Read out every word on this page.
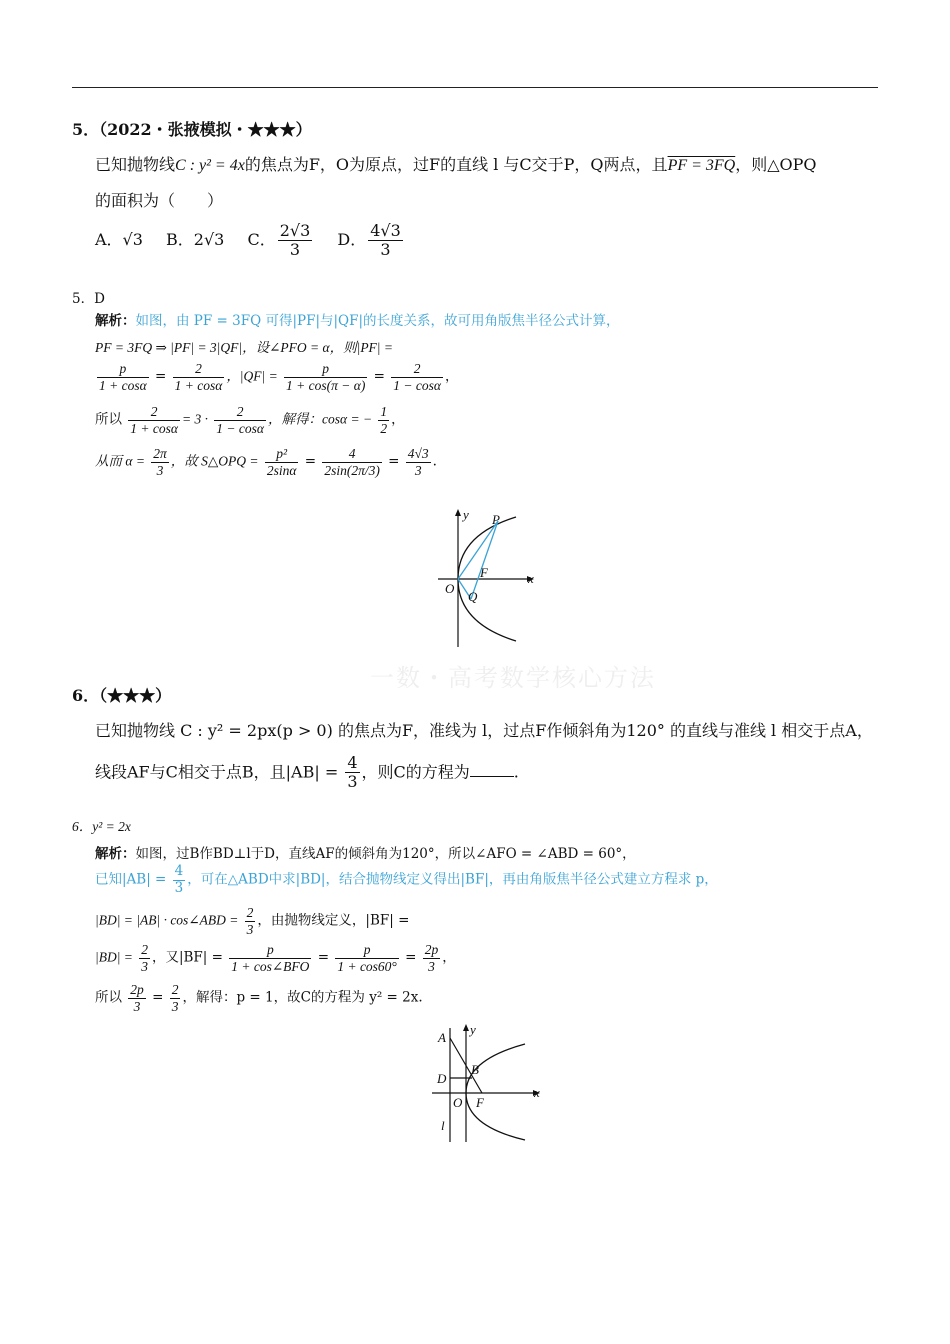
5．（2022・张掖模拟・★★★）
已知抛物线C : y² = 4x的焦点为F，O为原点，过F的直线 l 与C交于P，Q两点，且PF = 3FQ，则△OPQ
的面积为（　　）
A．√3 B．2√3 C． $\frac{2√3}{3}$ D． $\frac{4√3}{3}$
5．D
解析：如图，由 PF = 3FQ 可得|PF|与|QF|的长度关系，故可用角版焦半径公式计算，
PF = 3FQ ⇒ |PF| = 3|QF|，设∠PFO = α，则|PF| =
$\frac{p}{1 + \cos\alpha} = \frac{2}{1 + \cos\alpha}$ ，$|QF| = \frac{p}{1 + \cos(\pi - \alpha)} = \frac{2}{1 - \cos\alpha}$ ，
所以 $\frac{2}{1 + \cos\alpha} = 3 \cdot \frac{2}{1 - \cos\alpha}$ ，解得：cosα = − $\frac{1}{2}$ ，
从而 $\alpha = \frac{2\pi}{3}$ ，故 S△OPQ = $\frac{\text{p²}}{2\sin\alpha} = \frac{4}{2\sin(2\pi/3)} = \frac{4√3}{3}$ .
y
x
O
P
F
Q
一数・高考数学核心方法
6．（★★★）
已知抛物线 C : y² = 2px(p > 0) 的焦点为F，准线为 l，过点F作倾斜角为120° 的直线与准线 l 相交于点A，
线段AF与C相交于点B，且$|AB| = \frac{4}{3}$ ，则C的方程为	.
6．y² = 2x
解析：如图，过B作BD⊥l于D，直线AF的倾斜角为120°，所以∠AFO = ∠ABD = 60°，
已知$|AB| = \frac{4}{3}$ ，可在△ABD中求|BD|，结合抛物线定义得出|BF|，再由角版焦半径公式建立方程求 p，
|BD| = |AB| · cos∠ABD = $\frac{2}{3}$ ，由抛物线定义，|BF| =
$|BD| = \frac{2}{3}$ ，又$|BF| = \frac{p}{\text{1 + cos∠BFO}} = \frac{p}{1 + \cos 60^\circ} = \frac{2p}{3}$ ，
所以 $\frac{2p}{3} = \frac{2}{3}$ ，解得：p = 1，故C的方程为 y² = 2x.
A
y
B
D
x
O F
l
